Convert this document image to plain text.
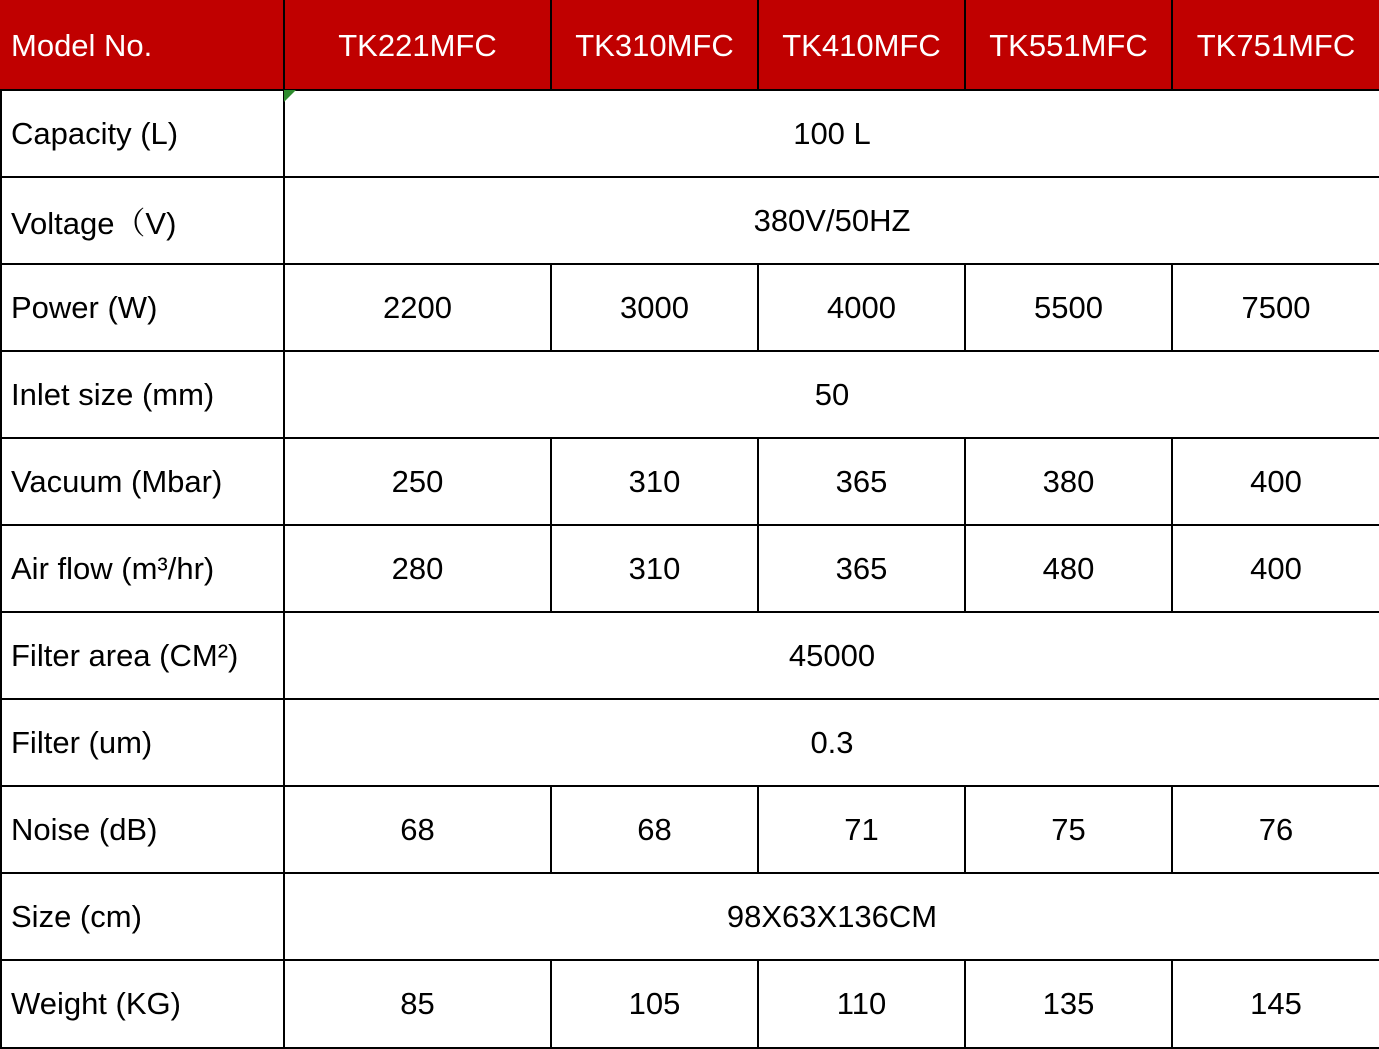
Model No.	TK221MFC	TK310MFC	TK410MFC	TK551MFC	TK751MFC
Capacity (L)	100 L				
Voltage（V)	380V/50HZ				
Power (W)	2200	3000	4000	5500	7500
Inlet size (mm)	50				
Vacuum (Mbar)	250	310	365	380	400
Air flow (m³/hr)	280	310	365	480	400
Filter area (CM²)	45000				
Filter (um)	0.3				
Noise (dB)	68	68	71	75	76
Size (cm)	98X63X136CM				
Weight (KG)	85	105	110	135	145
